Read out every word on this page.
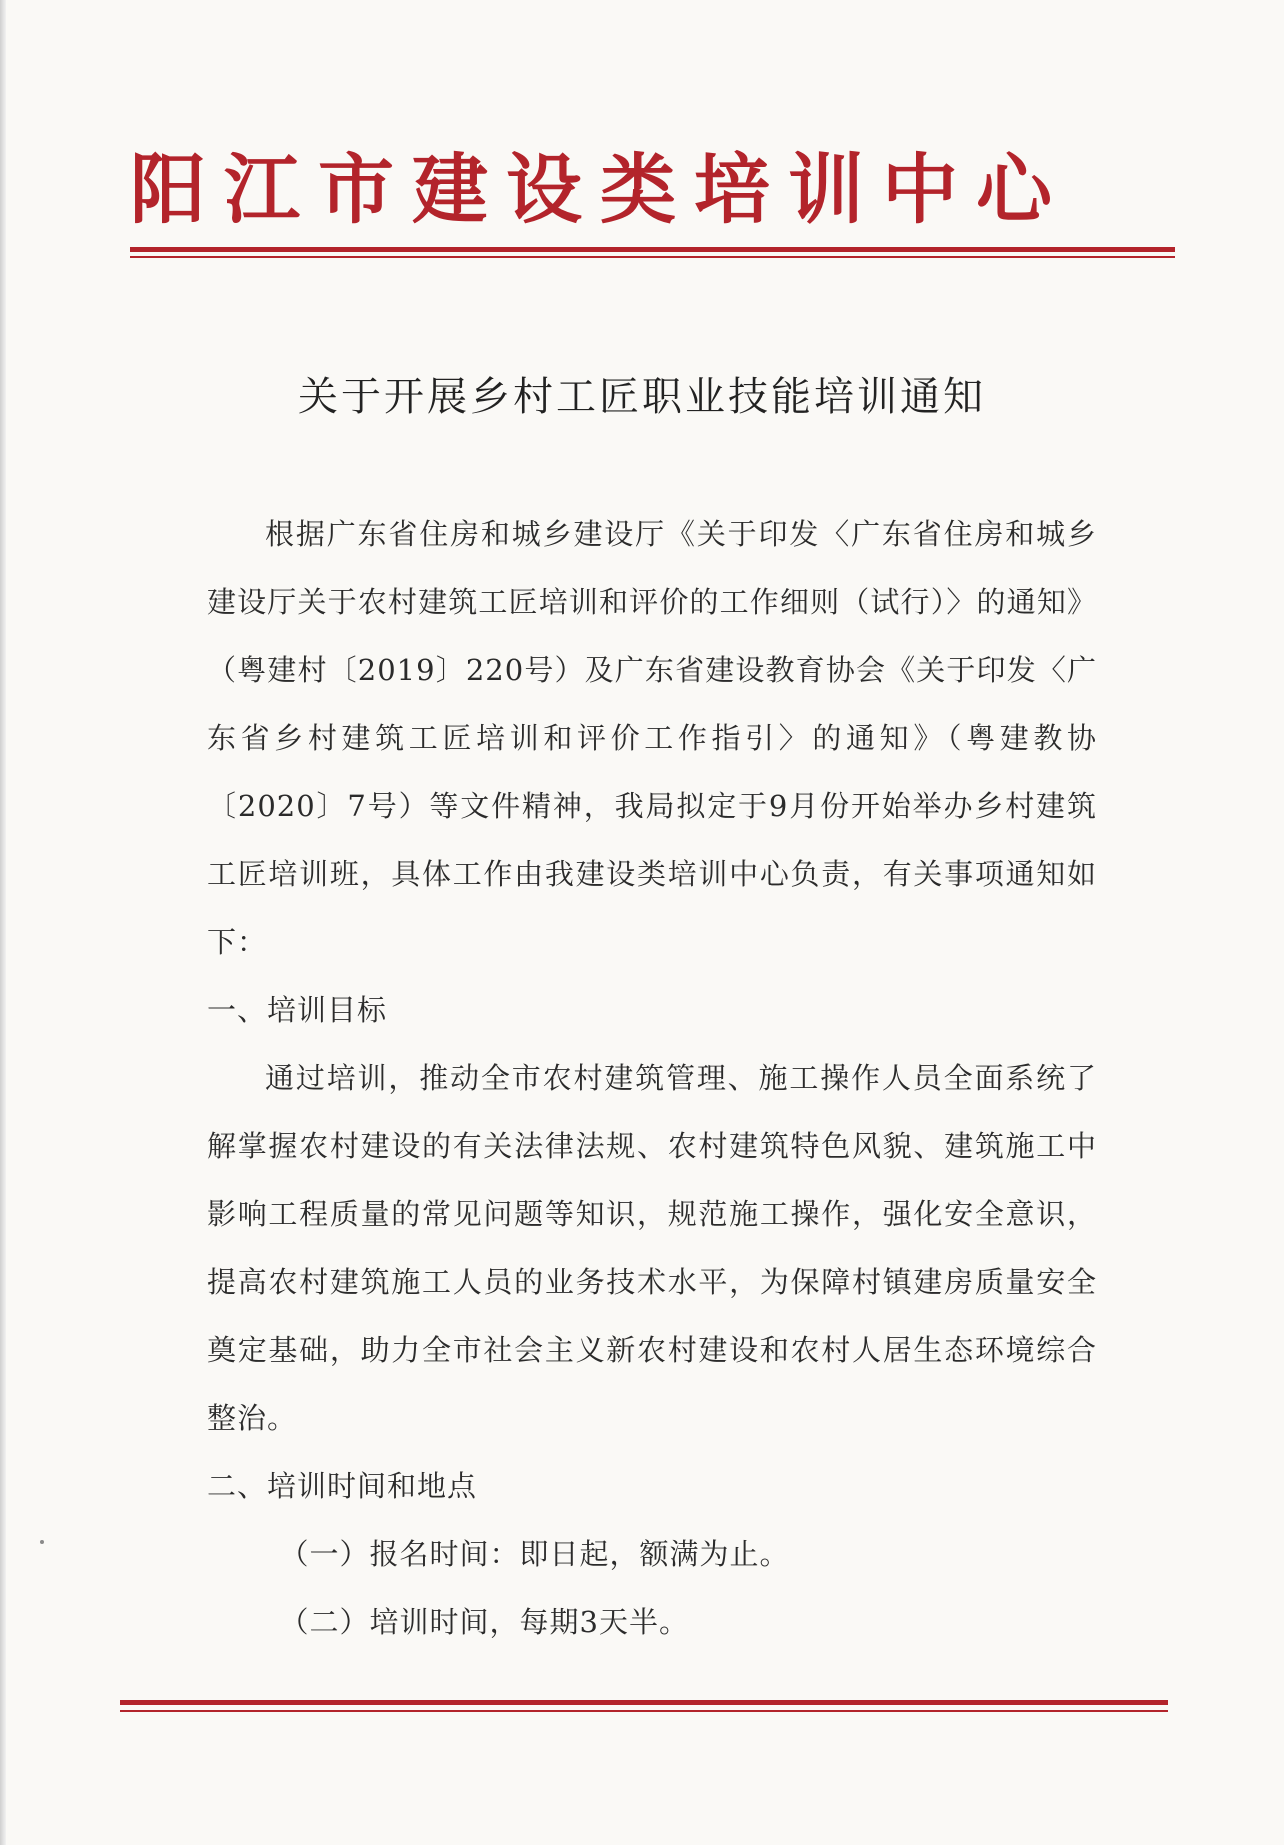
阳江市建设类培训中心
关于开展乡村工匠职业技能培训通知

根据广东省住房和城乡建设厅《关于印发〈广东省住房和城乡建设厅关于农村建筑工匠培训和评价的工作细则（试行）〉的通知》（粤建村〔2019〕220号）及广东省建设教育协会《关于印发〈广东省乡村建筑工匠培训和评价工作指引〉的通知》（粤建教协〔2020〕7号）等文件精神，我局拟定于9月份开始举办乡村建筑工匠培训班，具体工作由我建设类培训中心负责，有关事项通知如下：

一、培训目标

通过培训，推动全市农村建筑管理、施工操作人员全面系统了解掌握农村建设的有关法律法规、农村建筑特色风貌、建筑施工中影响工程质量的常见问题等知识，规范施工操作，强化安全意识，提高农村建筑施工人员的业务技术水平，为保障村镇建房质量安全奠定基础，助力全市社会主义新农村建设和农村人居生态环境综合整治。

二、培训时间和地点

（一）报名时间：即日起，额满为止。

（二）培训时间，每期3天半。
